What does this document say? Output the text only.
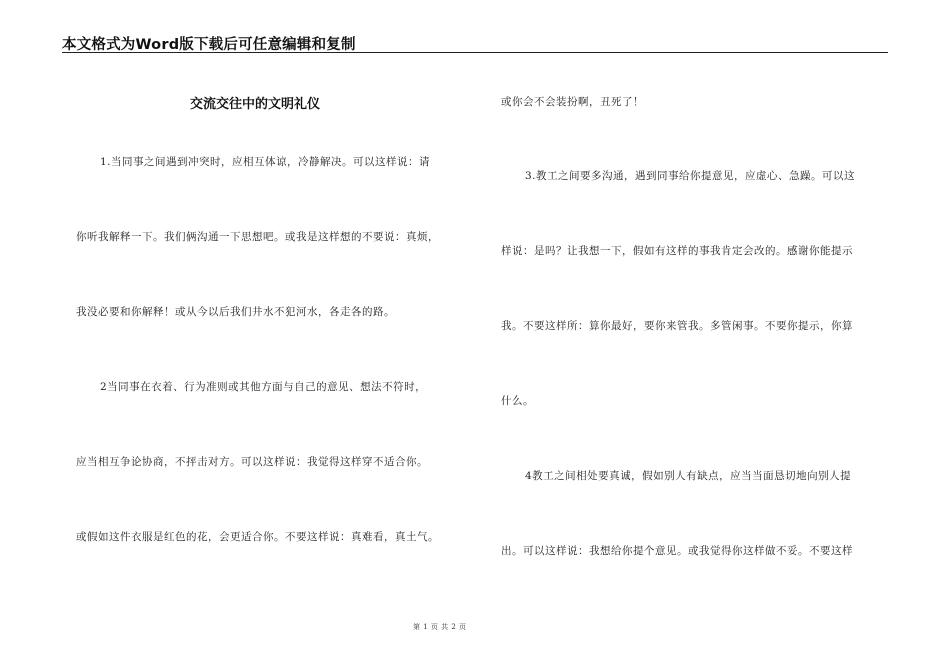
本文格式为Word版下载后可任意编辑和复制
交流交往中的文明礼仪
1.当同事之间遇到冲突时，应相互体谅，冷静解决。可以这样说：请
你听我解释一下。我们俩沟通一下思想吧。或我是这样想的不要说：真烦，
我没必要和你解释！或从今以后我们井水不犯河水，各走各的路。
2当同事在衣着、行为准则或其他方面与自己的意见、想法不符时，
应当相互争论协商，不抨击对方。可以这样说：我觉得这样穿不适合你。
或假如这件衣服是红色的花，会更适合你。不要这样说：真难看，真土气。
或你会不会装扮啊，丑死了！
3.教工之间要多沟通，遇到同事给你提意见，应虚心、急躁。可以这
样说：是吗？让我想一下，假如有这样的事我肯定会改的。感谢你能提示
我。不要这样所：算你最好，要你来管我。多管闲事。不要你提示，你算
什么。
4教工之间相处要真诚，假如别人有缺点，应当当面恳切地向别人提
出。可以这样说：我想给你提个意见。或我觉得你这样做不妥。不要这样
第 1 页 共 2 页
